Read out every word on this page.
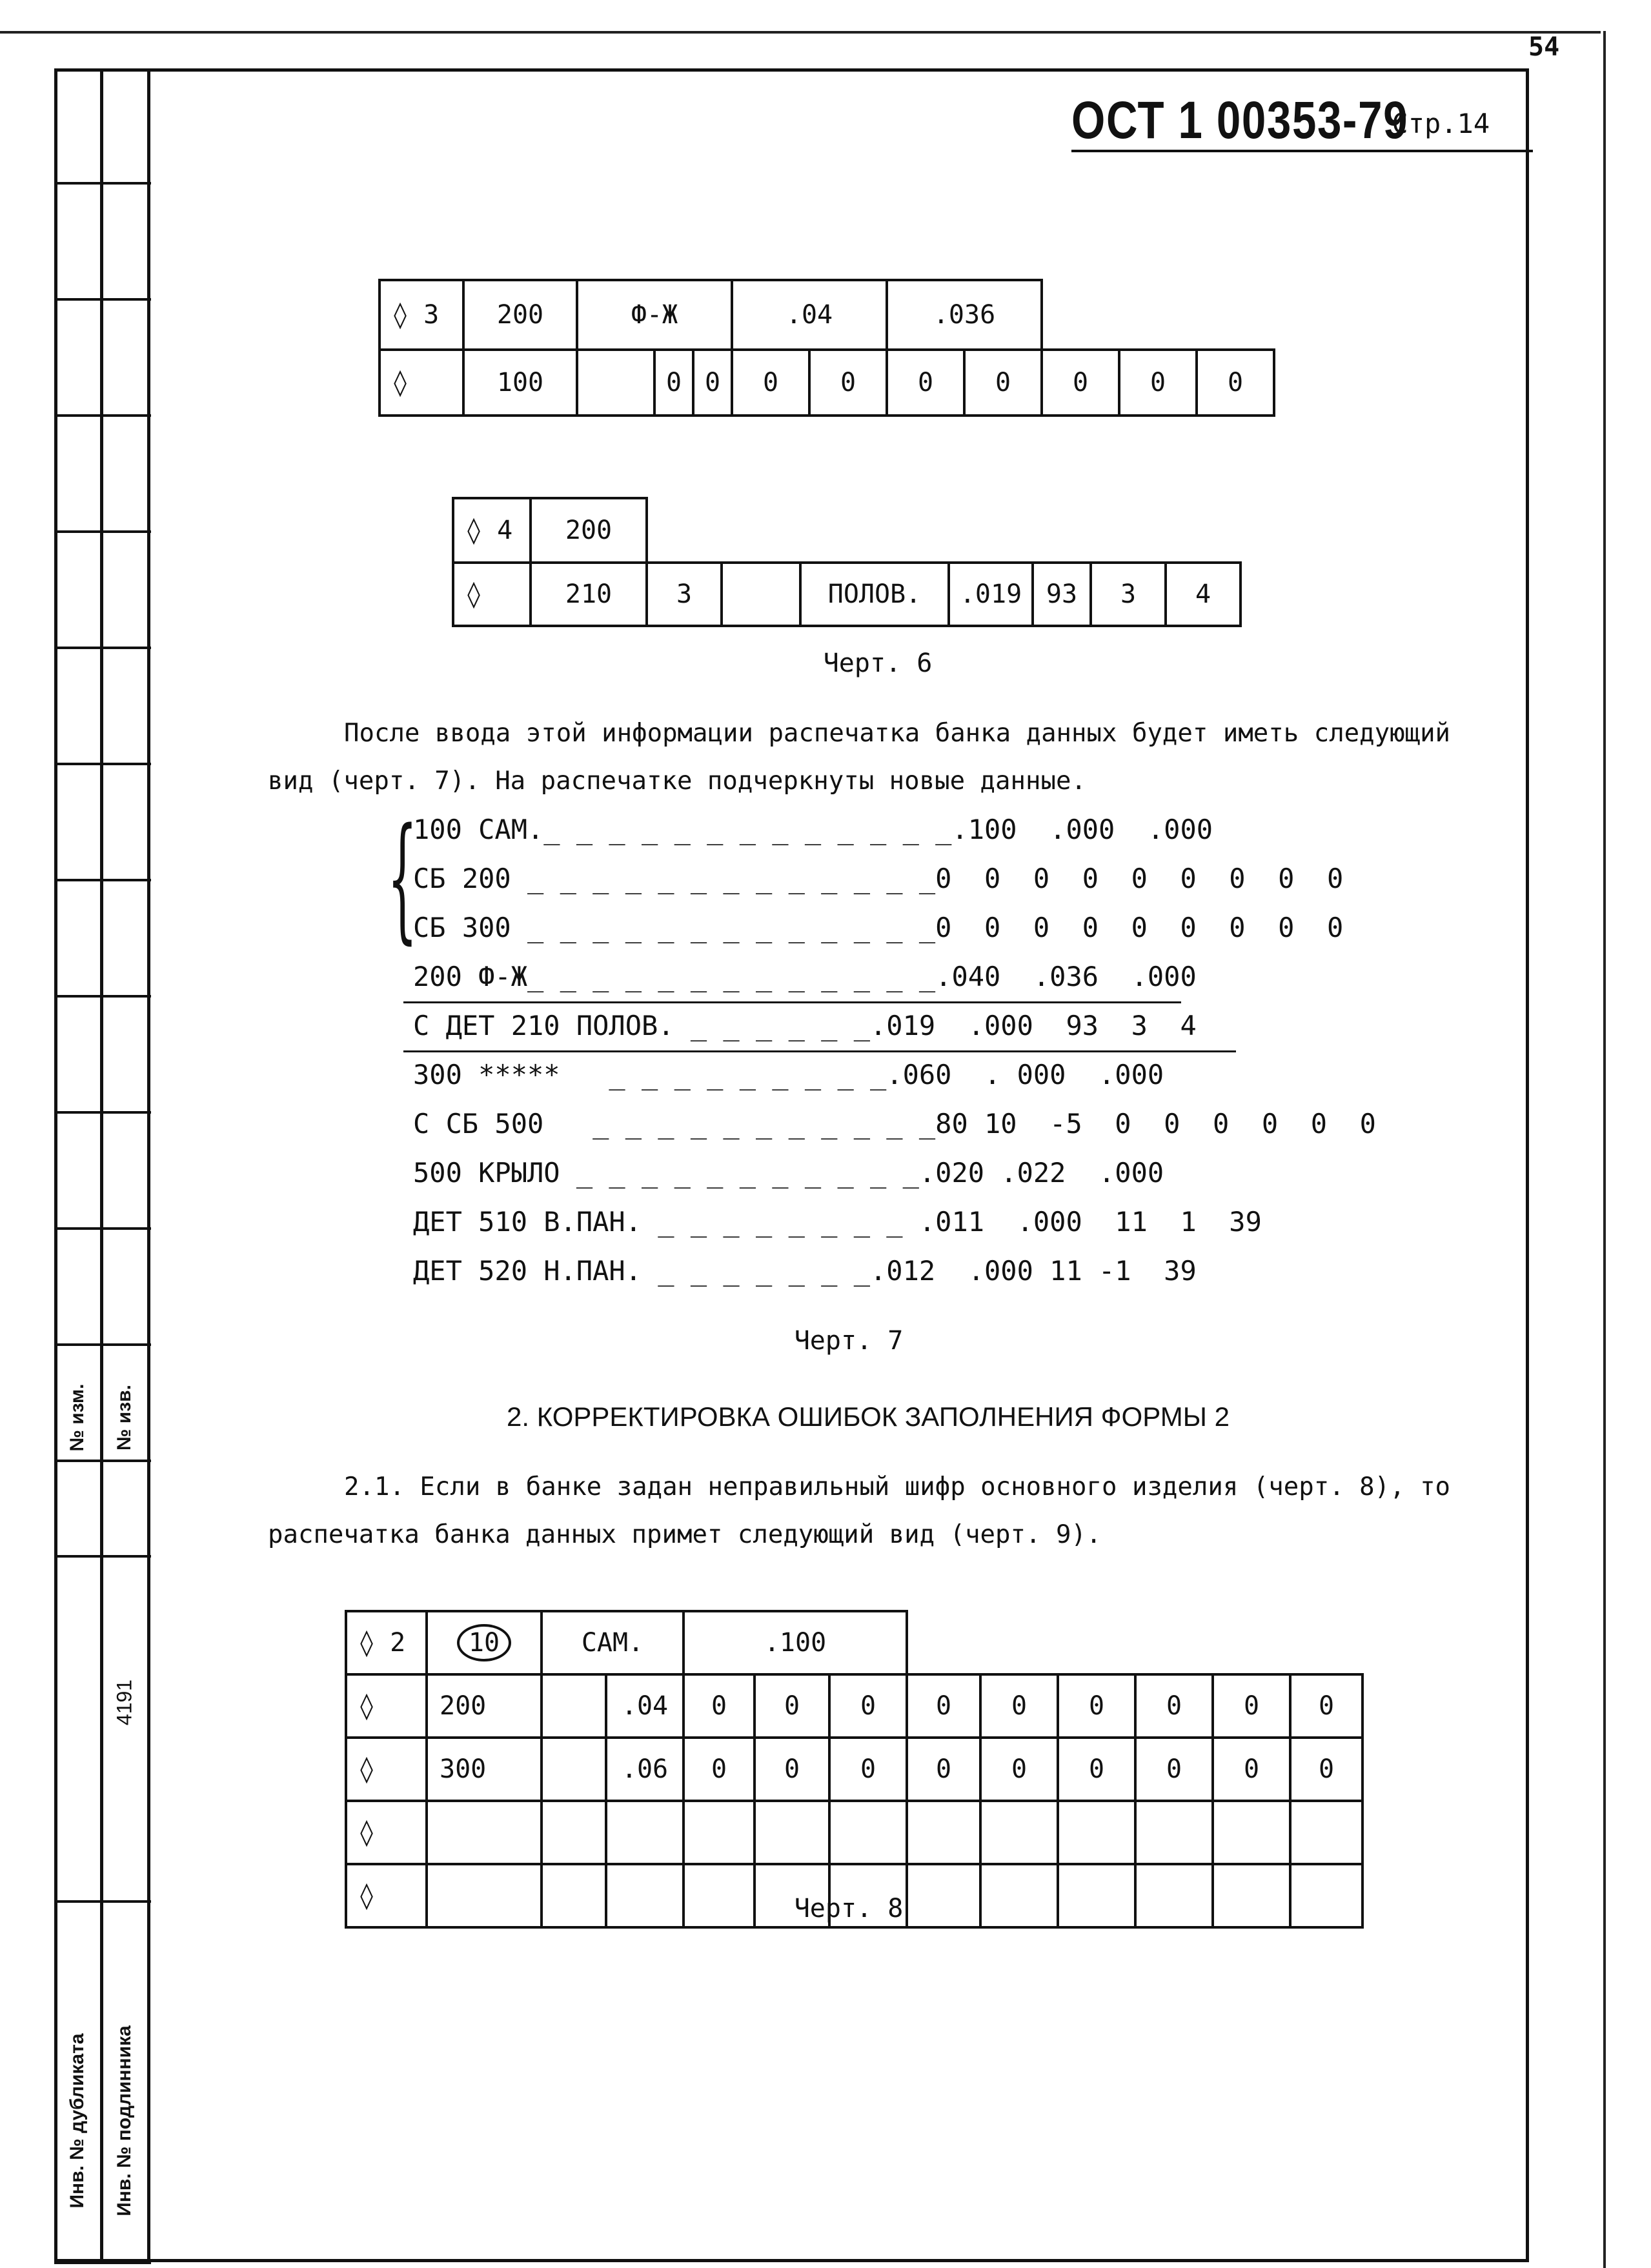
54
№ изм. № изв.
4191
Инв. № дубликата Инв. № подлинника
ОСТ 1 00353-79 Стр.14
◊ 3	200	Ф-Ж			.04		.036				
◊	100		0	0	0	0	0	0	0	0	0
◊ 4	200							
◊	210	3		ПОЛОВ.	.019	93	3	4
Черт. 6

После ввода этой информации распечатка банка данных будет иметь следующий вид (черт. 7). На распечатке подчеркнуты новые данные.

{
100 САМ._ _ _ _ _ _ _ _ _ _ _ _ _.100  .000  .000
СБ 200 _ _ _ _ _ _ _ _ _ _ _ _ _0  0  0  0  0  0  0  0  0
СБ 300 _ _ _ _ _ _ _ _ _ _ _ _ _0  0  0  0  0  0  0  0  0
200 Ф-Ж_ _ _ _ _ _ _ _ _ _ _ _ _.040  .036  .000
С ДЕТ 210 ПОЛОВ. _ _ _ _ _ _.019  .000  93  3  4
300 *****   _ _ _ _ _ _ _ _ _.060  . 000  .000
С СБ 500   _ _ _ _ _ _ _ _ _ _ _80 10  -5  0  0  0  0  0  0
500 КРЫЛО _ _ _ _ _ _ _ _ _ _ _.020 .022  .000
ДЕТ 510 В.ПАН. _ _ _ _ _ _ _ _ .011  .000  11  1  39
ДЕТ 520 Н.ПАН. _ _ _ _ _ _ _.012  .000 11 -1  39
Черт. 7
2. КОРРЕКТИРОВКА ОШИБОК ЗАПОЛНЕНИЯ ФОРМЫ 2

2.1. Если в банке задан неправильный шифр основного изделия (черт. 8), то распечатка банка данных примет следующий вид (черт. 9).

◊ 2	10	САМ.		.100								
◊	200		.04	0	0	0	0	0	0	0	0	0
◊	300		.06	0	0	0	0	0	0	0	0	0
◊												
◊													Черт. 8
